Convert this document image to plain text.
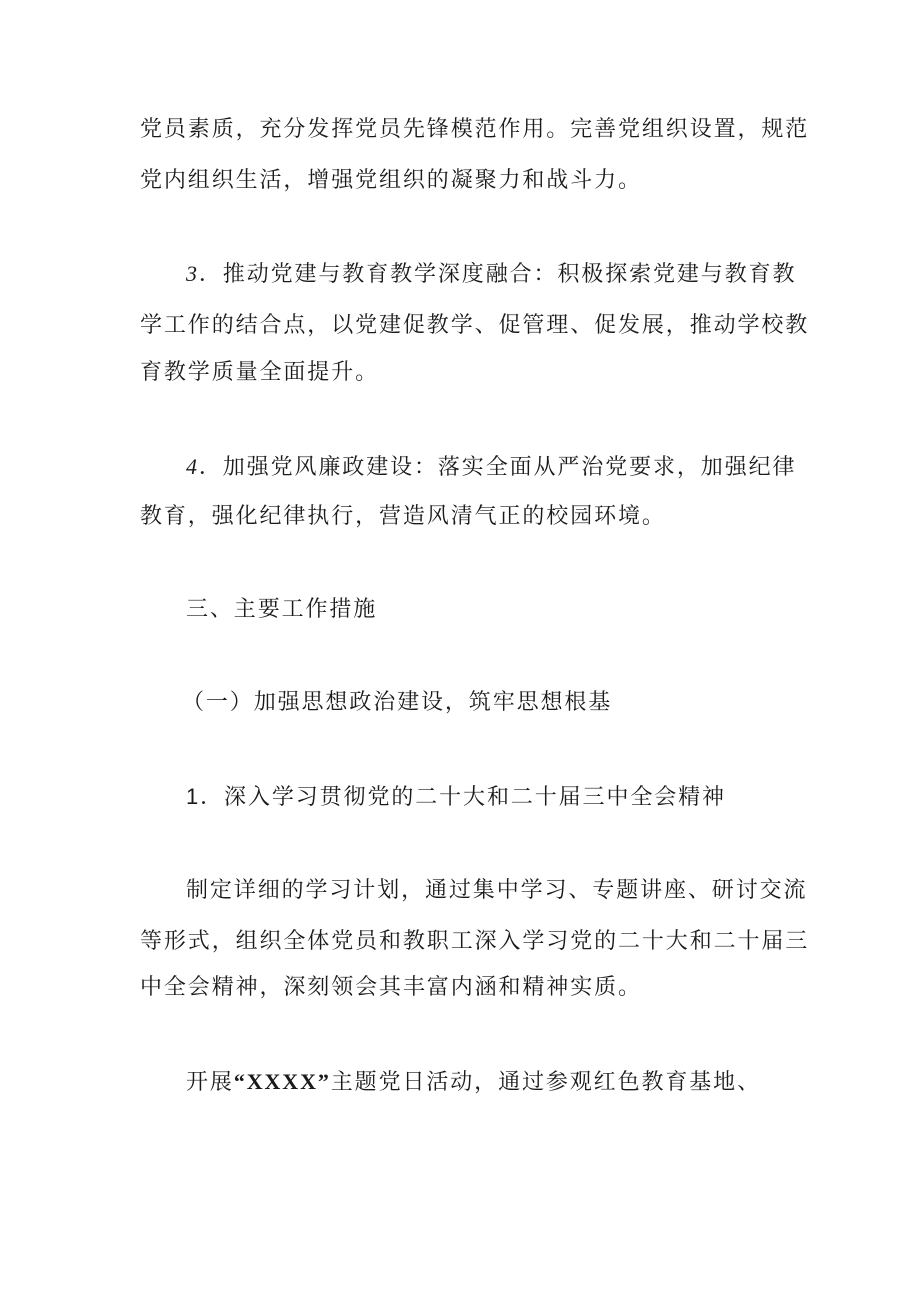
党员素质，充分发挥党员先锋模范作用。完善党组织设置，规范
党内组织生活，增强党组织的凝聚力和战斗力。
3．推动党建与教育教学深度融合：积极探索党建与教育教
学工作的结合点，以党建促教学、促管理、促发展，推动学校教
育教学质量全面提升。
4．加强党风廉政建设：落实全面从严治党要求，加强纪律
教育，强化纪律执行，营造风清气正的校园环境。
三、主要工作措施
（一）加强思想政治建设，筑牢思想根基
1．深入学习贯彻党的二十大和二十届三中全会精神
制定详细的学习计划，通过集中学习、专题讲座、研讨交流
等形式，组织全体党员和教职工深入学习党的二十大和二十届三
中全会精神，深刻领会其丰富内涵和精神实质。
开展“XXXX”主题党日活动，通过参观红色教育基地、
